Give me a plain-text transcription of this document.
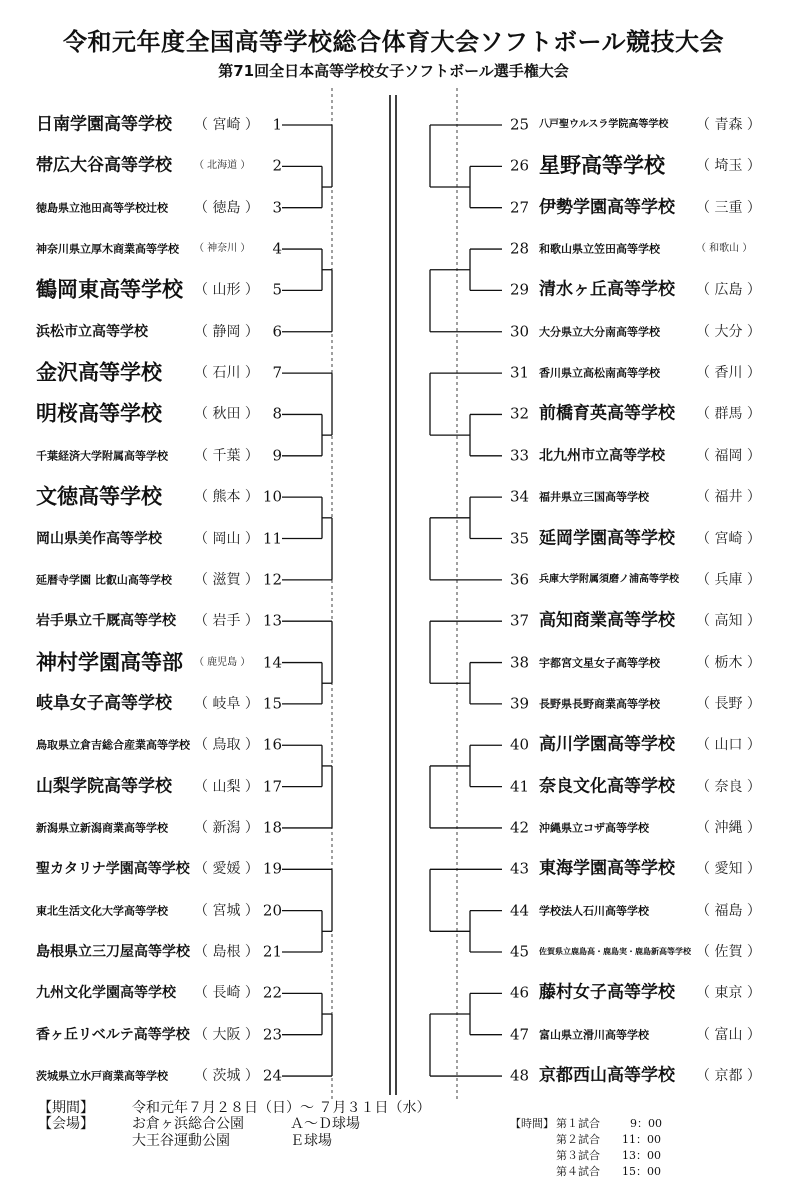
令和元年度全国高等学校総合体育大会ソフトボール競技大会
第71回全日本高等学校女子ソフトボール選手権大会
日南学園高等学校 （ 宮崎 ） 1
帯広大谷高等学校 （ 北海道 ） 2
徳島県立池田高等学校辻校 （ 徳島 ） 3
神奈川県立厚木商業高等学校 （ 神奈川 ） 4
鶴岡東高等学校 （ 山形 ） 5
浜松市立高等学校	（ 静岡 ） 6
金沢高等学校 （ 石川 ） 7
明桜高等学校 （ 秋田 ） 8
千葉経済大学附属高等学校 （ 千葉 ） 9
文徳高等学校 （ 熊本 ） 10
岡山県美作高等学校 （ 岡山 ） 11
延暦寺学園 比叡山高等学校 （ 滋賀 ） 12
岩手県立千厩高等学校 （ 岩手 ） 13
神村学園高等部 （ 鹿児島 ） 14
岐阜女子高等学校 （ 岐阜 ） 15
鳥取県立倉吉総合産業高等学校 （ 鳥取 ） 16
山梨学院高等学校 （ 山梨 ） 17
新潟県立新潟商業高等学校 （ 新潟 ） 18
聖カタリナ学園高等学校 （ 愛媛 ） 19
東北生活文化大学高等学校 （ 宮城 ） 20
島根県立三刀屋高等学校 （ 島根 ） 21
九州文化学園高等学校 （ 長崎 ） 22
香ヶ丘リベルテ高等学校 （ 大阪 ） 23
茨城県立水戸商業高等学校 （ 茨城 ） 24
25 八戸聖ウルスラ学院高等学校 （ 青森 ）
26 星野高等学校 （ 埼玉 ）
27 伊勢学園高等学校 （ 三重 ）
28 和歌山県立笠田高等学校	（ 和歌山 ）
29 清水ヶ丘高等学校 （ 広島 ）
30 大分県立大分南高等学校	（ 大分 ）
31 香川県立高松南高等学校	（ 香川 ）
32 前橋育英高等学校 （ 群馬 ）
33 北九州市立高等学校 （ 福岡 ）
34 福井県立三国高等学校	（ 福井 ）
35 延岡学園高等学校 （ 宮崎 ）
36 兵庫大学附属須磨ノ浦高等学校 （ 兵庫 ）
37 高知商業高等学校 （ 高知 ）
38 宇都宮文星女子高等学校	（ 栃木 ）
39 長野県長野商業高等学校	（ 長野 ）
40 高川学園高等学校 （ 山口 ）
41 奈良文化高等学校 （ 奈良 ）
42 沖縄県立コザ高等学校	（ 沖縄 ）
43 東海学園高等学校 （ 愛知 ）
44 学校法人石川高等学校	（ 福島 ）
45 佐賀県立鹿島高・鹿島実・鹿島新高等学校 （ 佐賀 ）
46 藤村女子高等学校 （ 東京 ）
47 富山県立滑川高等学校	（ 富山 ）
48 京都西山高等学校 （ 京都 ）
【期間】	令和元年７月２８日（日）～ ７月３１日（水）
【会場】	お倉ヶ浜総合公園	Ａ～Ｄ球場
大王谷運動公園	Ｅ球場
【時間】 第１試合	9：00
第２試合 11：00
第３試合 13：00
第４試合 15：00
